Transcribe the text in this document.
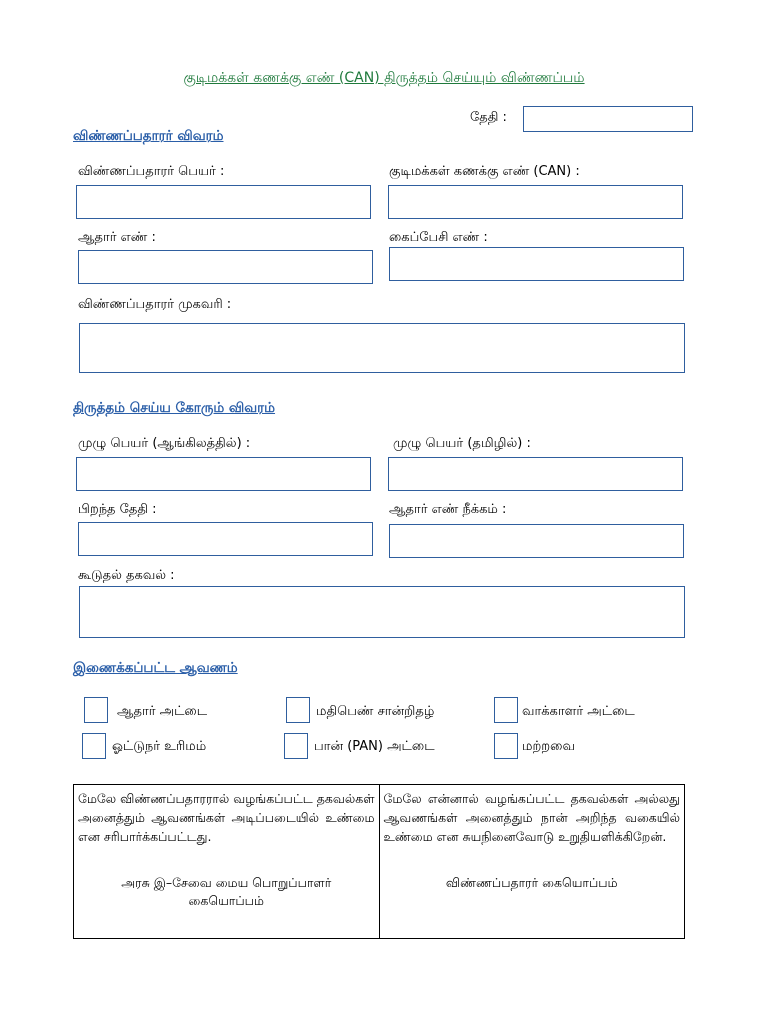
குடிமக்கள் கணக்கு எண் (CAN) திருத்தம் செய்யும் விண்ணப்பம்
தேதி :
விண்ணப்பதாரர் விவரம்
விண்ணப்பதாரர் பெயர் :	குடிமக்கள் கணக்கு எண் (CAN) :
ஆதார் எண் :	கைப்பேசி எண் :
விண்ணப்பதாரர் முகவரி :
திருத்தம் செய்ய கோரும் விவரம்
முழு பெயர் (ஆங்கிலத்தில்) :	முழு பெயர் (தமிழில்) :
பிறந்த தேதி :	ஆதார் எண் நீக்கம் :
கூடுதல் தகவல் :
இணைக்கப்பட்ட ஆவணம்
ஆதார் அட்டை	மதிபெண் சான்றிதழ்	வாக்காளர் அட்டை
ஓட்டுநர் உரிமம்	பான் (PAN) அட்டை	மற்றவை
மேலே விண்ணப்பதாரரால் வழங்கப்பட்ட தகவல்கள் அனைத்தும் ஆவணங்கள் அடிப்படையில் உண்மை என சரிபார்க்கப்பட்டது.
அரசு இ–சேவை மைய பொறுப்பாளர்
கையொப்பம்

மேலே என்னால் வழங்கப்பட்ட தகவல்கள் அல்லது ஆவணங்கள் அனைத்தும் நான் அறிந்த வகையில் உண்மை என சுயநினைவோடு உறுதியளிக்கிறேன்.
விண்ணப்பதாரர் கையொப்பம்
